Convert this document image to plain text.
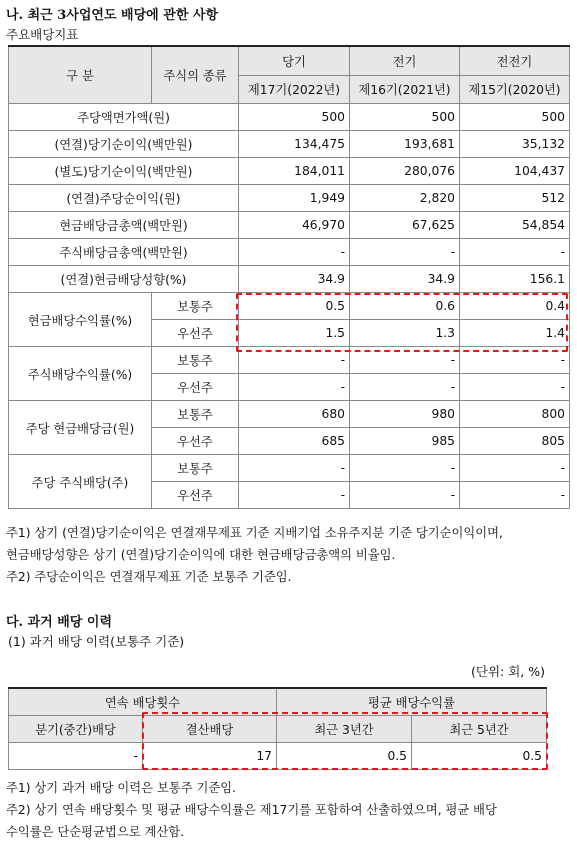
나. 최근 3사업연도 배당에 관한 사항
주요배당지표
구 분	주식의 종류	당기	전기	전전기
		제17기(2022년)	제16기(2021년)	제15기(2020년)
주당액면가액(원)		500	500	500
(연결)당기순이익(백만원)		134,475	193,681	35,132
(별도)당기순이익(백만원)		184,011	280,076	104,437
(연결)주당순이익(원)		1,949	2,820	512
현금배당금총액(백만원)		46,970	67,625	54,854
주식배당금총액(백만원)		-	-	-
(연결)현금배당성향(%)		34.9	34.9	156.1
현금배당수익률(%)	보통주	0.5	0.6	0.4
	우선주	1.5	1.3	1.4
주식배당수익률(%)	보통주	-	-	-
	우선주	-	-	-
주당 현금배당금(원)	보통주	680	980	800
	우선주	685	985	805
주당 주식배당(주)	보통주	-	-	-
	우선주	-	-	-
주1) 상기 (연결)당기순이익은 연결재무제표 기준 지배기업 소유주지분 기준 당기순이익이며,
현금배당성향은 상기 (연결)당기순이익에 대한 현금배당금총액의 비율임.
주2) 주당순이익은 연결재무제표 기준 보통주 기준임.
다. 과거 배당 이력
(1) 과거 배당 이력(보통주 기준)
(단위: 회, %)
연속 배당횟수		평균 배당수익률	
분기(중간)배당	결산배당	최근 3년간	최근 5년간
-	17	0.5	0.5
주1) 상기 과거 배당 이력은 보통주 기준임.
주2) 상기 연속 배당횟수 및 평균 배당수익률은 제17기를 포함하여 산출하였으며, 평균 배당
수익률은 단순평균법으로 계산함.
